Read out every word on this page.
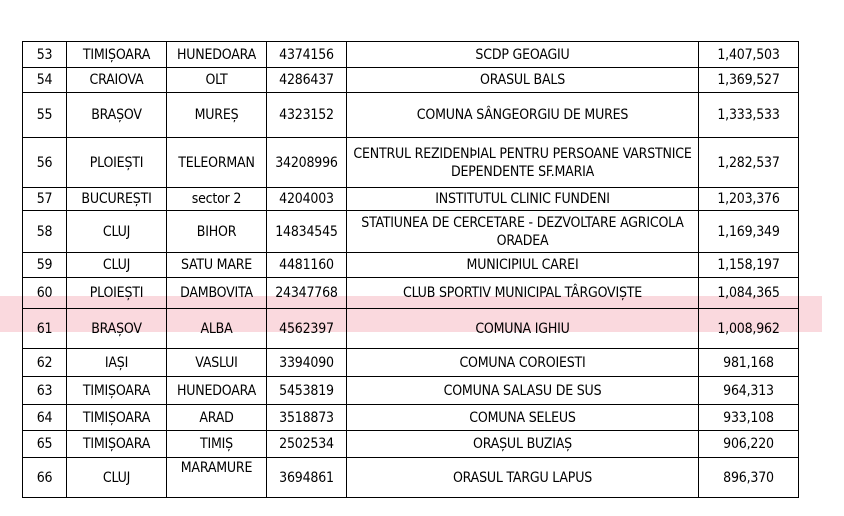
53	TIMIȘOARA	HUNEDOARA	4374156	SCDP GEOAGIU	1,407,503
54	CRAIOVA	OLT	4286437	ORASUL BALS	1,369,527
55	BRAȘOV	MUREȘ	4323152	COMUNA SÂNGEORGIU DE MURES	1,333,533
56	PLOIEȘTI	TELEORMAN	34208996	CENTRUL REZIDENÞIAL PENTRU PERSOANE VARSTNICE DEPENDENTE SF.MARIA	1,282,537
57	BUCUREȘTI	sector 2	4204003	INSTITUTUL CLINIC FUNDENI	1,203,376
58	CLUJ	BIHOR	14834545	STATIUNEA DE CERCETARE - DEZVOLTARE AGRICOLA ORADEA	1,169,349
59	CLUJ	SATU MARE	4481160	MUNICIPIUL CAREI	1,158,197
60	PLOIEȘTI	DAMBOVITA	24347768	CLUB SPORTIV MUNICIPAL TÂRGOVIȘTE	1,084,365
61	BRAȘOV	ALBA	4562397	COMUNA IGHIU	1,008,962
62	IAȘI	VASLUI	3394090	COMUNA COROIESTI	981,168
63	TIMIȘOARA	HUNEDOARA	5453819	COMUNA SALASU DE SUS	964,313
64	TIMIȘOARA	ARAD	3518873	COMUNA SELEUS	933,108
65	TIMIȘOARA	TIMIȘ	2502534	ORAȘUL BUZIAȘ	906,220
66	CLUJ	MARAMURE	3694861	ORASUL TARGU LAPUS	896,370
